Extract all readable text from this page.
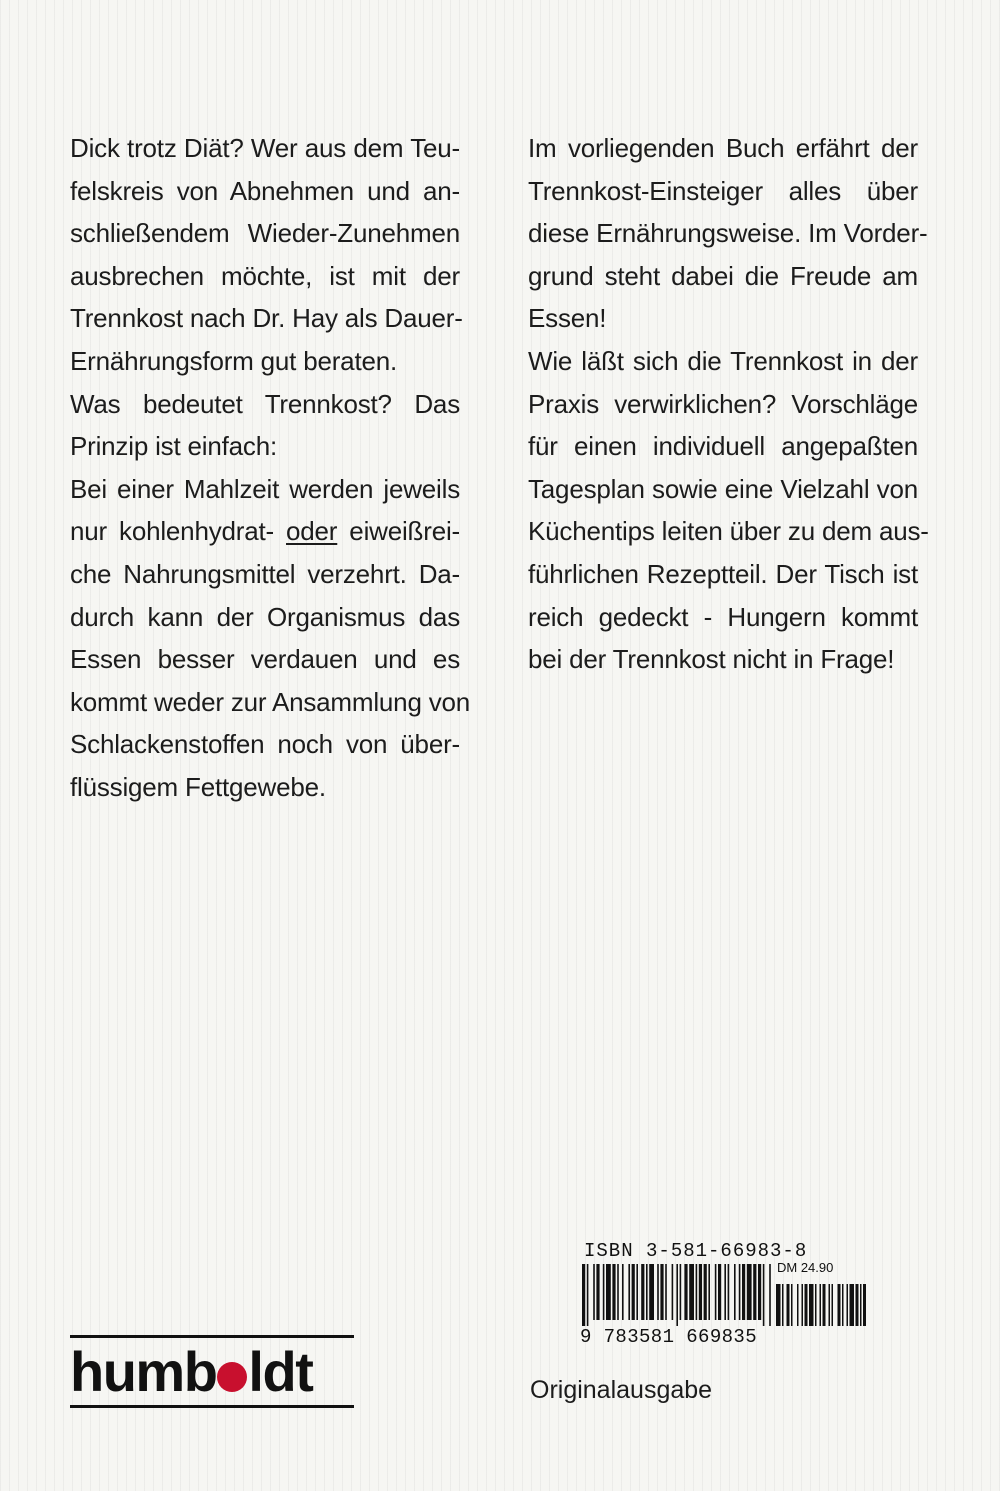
Dick trotz Diät? Wer aus dem Teu-
felskreis von Abnehmen und an-
schließendem Wieder-Zunehmen
ausbrechen möchte, ist mit der
Trennkost nach Dr. Hay als Dauer-
Ernährungsform gut beraten.
Was bedeutet Trennkost? Das
Prinzip ist einfach:
Bei einer Mahlzeit werden jeweils
nur kohlenhydrat- oder eiweißrei-
che Nahrungsmittel verzehrt. Da-
durch kann der Organismus das
Essen besser verdauen und es
kommt weder zur Ansammlung von
Schlackenstoffen noch von über-
flüssigem Fettgewebe.
Im vorliegenden Buch erfährt der
Trennkost-Einsteiger alles über
diese Ernährungsweise. Im Vorder-
grund steht dabei die Freude am
Essen!
Wie läßt sich die Trennkost in der
Praxis verwirklichen? Vorschläge
für einen individuell angepaßten
Tagesplan sowie eine Vielzahl von
Küchentips leiten über zu dem aus-
führlichen Rezeptteil. Der Tisch ist
reich gedeckt - Hungern kommt
bei der Trennkost nicht in Frage!
ISBN 3-581-66983-8
DM 24.90
9 783581 669835
Originalausgabe
humb ldt
